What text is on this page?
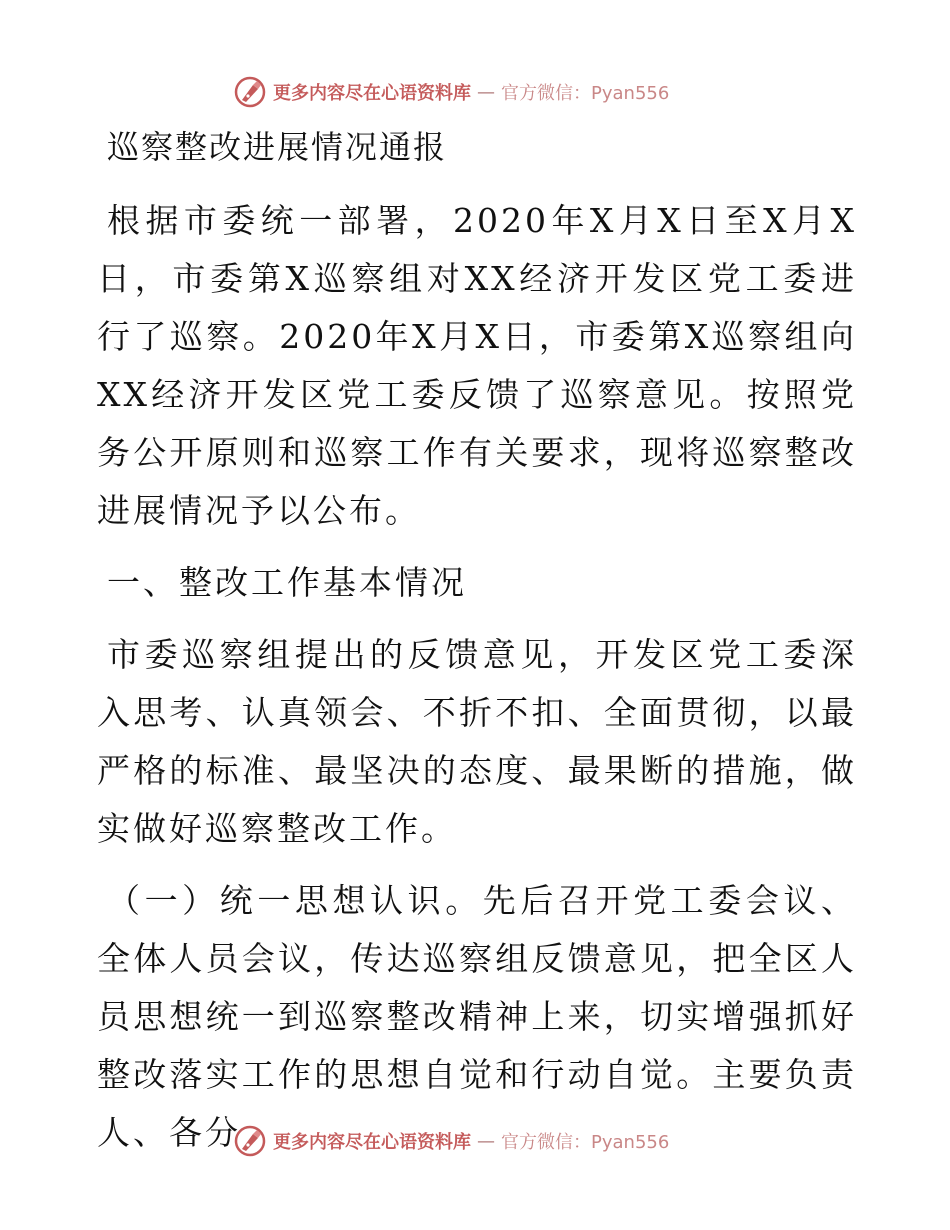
更多内容尽在心语资料库 — 官方微信：Pyan556
巡察整改进展情况通报

根据市委统一部署，2020年X月X日至X月X日，市委第X巡察组对XX经济开发区党工委进行了巡察。2020年X月X日，市委第X巡察组向XX经济开发区党工委反馈了巡察意见。按照党务公开原则和巡察工作有关要求，现将巡察整改进展情况予以公布。

一、整改工作基本情况

市委巡察组提出的反馈意见，开发区党工委深入思考、认真领会、不折不扣、全面贯彻，以最严格的标准、最坚决的态度、最果断的措施，做实做好巡察整改工作。

（一）统一思想认识。先后召开党工委会议、全体人员会议，传达巡察组反馈意见，把全区人员思想统一到巡察整改精神上来，切实增强抓好整改落实工作的思想自觉和行动自觉。主要负责人、各分	更多内容尽在心语资料库 — 官方微信：Pyan556
